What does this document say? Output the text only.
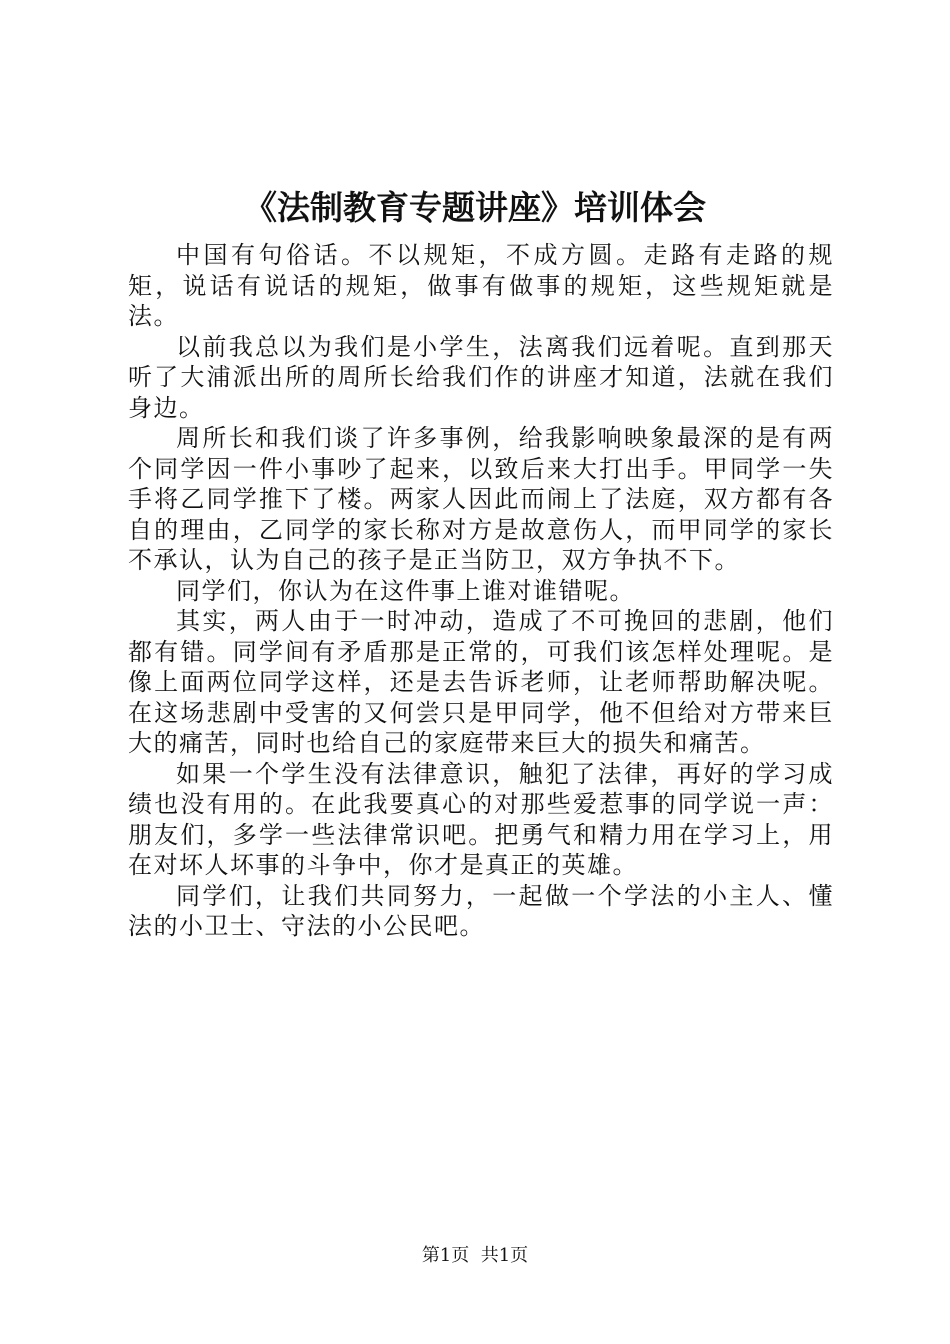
《法制教育专题讲座》培训体会

中国有句俗话。不以规矩，不成方圆。走路有走路的规矩，说话有说话的规矩，做事有做事的规矩，这些规矩就是法。

以前我总以为我们是小学生，法离我们远着呢。直到那天听了大浦派出所的周所长给我们作的讲座才知道，法就在我们身边。

周所长和我们谈了许多事例，给我影响映象最深的是有两个同学因一件小事吵了起来，以致后来大打出手。甲同学一失手将乙同学推下了楼。两家人因此而闹上了法庭，双方都有各自的理由，乙同学的家长称对方是故意伤人，而甲同学的家长不承认，认为自己的孩子是正当防卫，双方争执不下。

同学们，你认为在这件事上谁对谁错呢。

其实，两人由于一时冲动，造成了不可挽回的悲剧，他们都有错。同学间有矛盾那是正常的，可我们该怎样处理呢。是像上面两位同学这样，还是去告诉老师，让老师帮助解决呢。在这场悲剧中受害的又何尝只是甲同学，他不但给对方带来巨大的痛苦，同时也给自己的家庭带来巨大的损失和痛苦。

如果一个学生没有法律意识，触犯了法律，再好的学习成绩也没有用的。在此我要真心的对那些爱惹事的同学说一声：朋友们，多学一些法律常识吧。把勇气和精力用在学习上，用在对坏人坏事的斗争中，你才是真正的英雄。

同学们，让我们共同努力，一起做一个学法的小主人、懂法的小卫士、守法的小公民吧。

第1页 共1页
